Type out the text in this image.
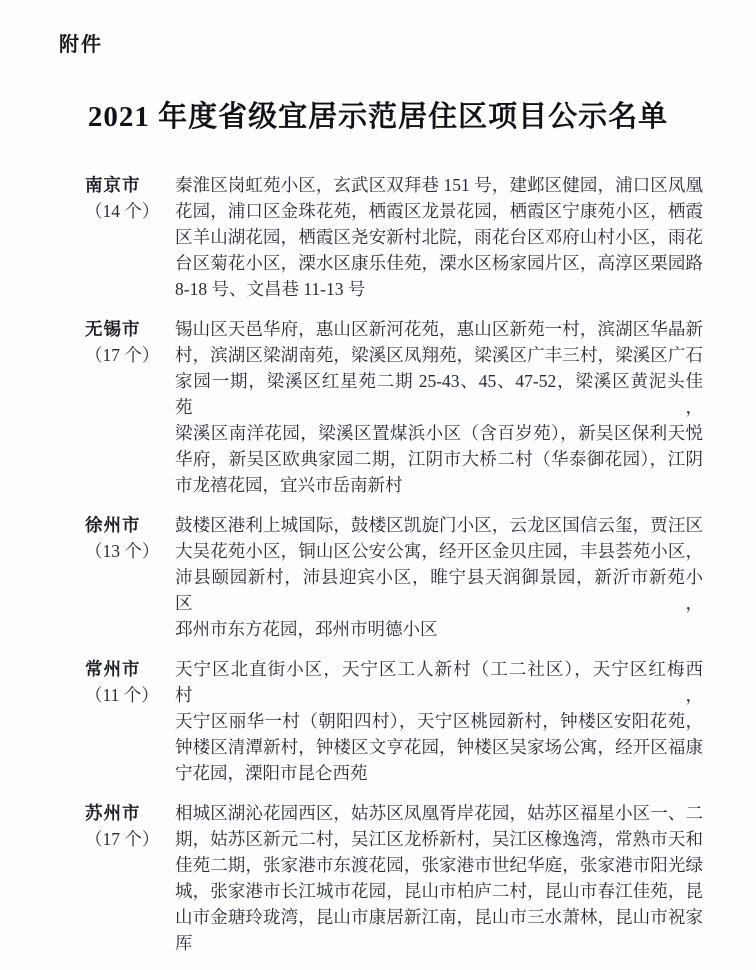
附件
2021 年度省级宜居示范居住区项目公示名单
南京市
（14 个）
秦淮区岗虹苑小区，玄武区双拜巷 151 号，建邺区健园，浦口区凤凰
花园，浦口区金珠花苑，栖霞区龙景花园，栖霞区宁康苑小区，栖霞
区羊山湖花园，栖霞区尧安新村北院，雨花台区邓府山村小区，雨花
台区菊花小区，溧水区康乐佳苑，溧水区杨家园片区，高淳区栗园路
8-18 号、文昌巷 11-13 号
无锡市
（17 个）
锡山区天邑华府，惠山区新河花苑，惠山区新苑一村，滨湖区华晶新
村，滨湖区梁湖南苑，梁溪区凤翔苑，梁溪区广丰三村，梁溪区广石
家园一期，梁溪区红星苑二期 25-43、45、47-52，梁溪区黄泥头佳苑，
梁溪区南洋花园，梁溪区置煤浜小区（含百岁苑），新吴区保利天悦
华府，新吴区欧典家园二期，江阴市大桥二村（华泰御花园），江阴
市龙禧花园，宜兴市岳南新村
徐州市
（13 个）
鼓楼区港利上城国际，鼓楼区凯旋门小区，云龙区国信云玺，贾汪区
大吴花苑小区，铜山区公安公寓，经开区金贝庄园，丰县荟苑小区，
沛县颐园新村，沛县迎宾小区，睢宁县天润御景园，新沂市新苑小区，
邳州市东方花园，邳州市明德小区
常州市
（11 个）
天宁区北直街小区，天宁区工人新村（工二社区），天宁区红梅西村，
天宁区丽华一村（朝阳四村），天宁区桃园新村，钟楼区安阳花苑，
钟楼区清潭新村，钟楼区文亨花园，钟楼区吴家场公寓，经开区福康
宁花园，溧阳市昆仑西苑
苏州市
（17 个）
相城区湖沁花园西区，姑苏区凤凰胥岸花园，姑苏区福星小区一、二
期，姑苏区新元二村，吴江区龙桥新村，吴江区橡逸湾，常熟市天和
佳苑二期，张家港市东渡花园，张家港市世纪华庭，张家港市阳光绿
城，张家港市长江城市花园，昆山市柏庐二村，昆山市春江佳苑，昆
山市金瑭玲珑湾，昆山市康居新江南，昆山市三水萧林，昆山市祝家
厍
